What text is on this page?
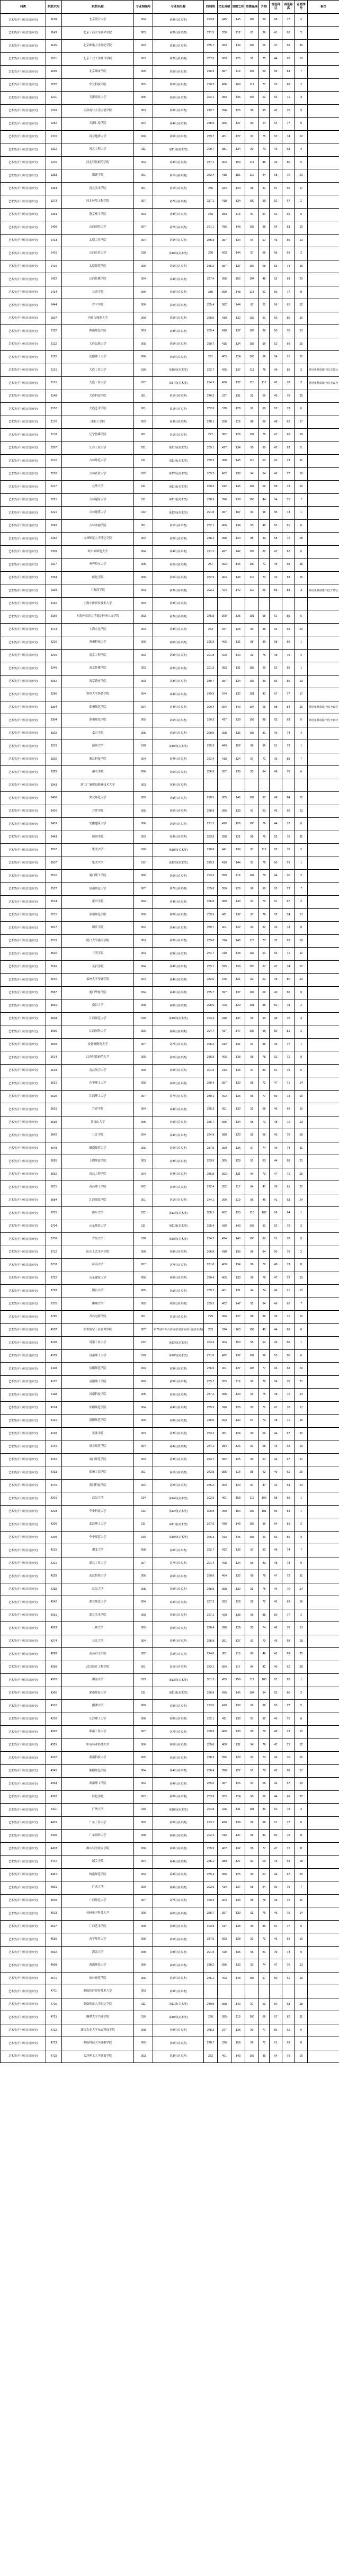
科类	院校代号	院校名称	专业组编号	专业组名称	投档线	文化成绩	语数之和	语数最高	外语	首选科目	再选最高	志愿序号	备注
艺术类(平行组首选历史)	1128	北京联合大学	004	第4组(美术类)	293.8	445	145	108	59	68	77	2	
艺术类(平行组首选历史)	1143	北京工商大学嘉华学院	003	第3组(美术类)	271.5	338	112	81	36	41	65	2	
艺术类(平行组首选历史)	1145	北京邮电大学世纪学院	003	第3组(美术类)	285.7	383	134	106	56	47	66	30	
艺术类(平行组首选历史)	1161	北京工业大学耿丹学院	003	第3组(美术类)	267.8	363	125	92	75	44	62	19	
艺术类(平行组首选历史)	1165	北京城市学院	005	第5组(美术类)	286.9	387	119	107	69	56	84	7	
艺术类(平行组首选历史)	1182	华北科技学院	005	第5组(美术类)	290.2	426	169	112	71	53	68	2	
艺术类(平行组首选历史)	1211	天津商业大学	005	第5组(美术类)	294.1	383	135	104	62	54	71	3	
艺术类(平行组首选历史)	1228	天津商业大学宝德学院	003	第3组(美术类)	279.7	398	126	98	95	43	70	9	
艺术类(平行组首选历史)	1252	天津仁爱学院	004	第4组(美术类)	278.9	365	127	90	24	64	77	5	
艺术类(平行组首选历史)	1310	河北地质大学	006	第6组(美术类)	289.7	401	127	91	75	53	74	12	
艺术类(平行组首选历史)	1312	河北工程大学	011	第11组(美术类)	290.7	381	134	90	79	49	63	4	
艺术类(平行组首选历史)	1316	河北科技师范学院	004	第4组(美术类)	287.1	404	150	111	48	49	80	5	
艺术类(平行组首选历史)	1353	邯郸学院	001	第1组(美术类)	283.4	415	151	110	44	68	70	20	
艺术类(平行组首选历史)	1364	河北美术学院	001	第1组(美术类)	286	342	120	95	31	51	66	17	
艺术类(平行组首选历史)	1373	河北环境工程学院	007	第7组(美术类)	287.1	418	134	100	99	52	67	2	
艺术类(平行组首选历史)	1394	燕京理工学院	003	第3组(美术类)	278	383	118	87	84	52	65	5	
艺术类(平行组首选历史)	1408	山西财经大学	007	第7组(美术类)	291.1	436	148	103	98	54	83	10	
艺术类(平行组首选历史)	1413	太原工业学院	004	第4组(美术类)	285.5	387	134	94	67	43	80	13	
艺术类(平行组首选历史)	1415	山西农业大学	010	第10组(美术类)	290	423	144	97	66	56	69	2	
艺术类(平行组首选历史)	1416	太原师范学院	006	第6组(美术类)	286.2	387	127	106	58	63	74	15	
艺术类(平行组首选历史)	1422	山西传媒学院	004	第4组(美术类)	287.4	398	152	104	48	53	93	20	
艺术类(平行组首选历史)	1434	长治学院	006	第6组(美术类)	285	390	148	114	51	50	77	8	
艺术类(平行组首选历史)	1444	晋中学院	006	第6组(美术类)	285.4	382	144	97	22	56	81	12	
艺术类(平行组首选历史)	1507	内蒙古师范大学	009	第9组(美术类)	288.6	430	132	102	91	60	80	16	
艺术类(平行组首选历史)	2112	鞍山师范学院	003	第3组(美术类)	285.4	410	137	108	89	50	70	13	
艺术类(平行组首选历史)	2122	大连民族大学	005	第5组(美术类)	289.7	415	134	103	99	52	69	15	
艺术类(平行组首选历史)	2125	沈阳理工大学	006	第6组(美术类)	291	403	124	100	86	54	71	15	
艺术类(平行组首选历史)	2131	大连工业大学	016	第16组(美术类)	292.7	425	137	111	76	49	85	3	外语单科成绩不低于60分
艺术类(平行组首选历史)	2131	大连工业大学	017	第17组(美术类)	294.9	430	137	110	112	45	70	3	外语单科成绩不低于60分
艺术类(平行组首选历史)	2148	大连科技学院	001	第1组(美术类)	276.2	377	131	93	55	45	76	25	
艺术类(平行组首选历史)	2152	大连艺术学院	001	第1组(美术类)	282.8	378	128	97	60	52	73	6	
艺术类(平行组首选历史)	2176	沈阳工学院	003	第3组(美术类)	276.1	358	118	88	69	48	62	17	
艺术类(平行组首选历史)	2178	辽宁传媒学院	001	第1组(美术类)	277	382	129	107	75	47	66	19	
艺术类(平行组首选历史)	2207	长春工业大学	021	第21组(美术类)	289.1	427	134	95	89	42	83	5	
艺术类(平行组首选历史)	2210	吉林师范大学	011	第11组(美术类)	289.3	388	145	116	63	42	73	11	
艺术类(平行组首选历史)	2216	吉林农业大学	012	第12组(美术类)	289.2	432	136	94	94	49	77	16	
艺术类(平行组首选历史)	2217	北华大学	011	第11组(美术类)	290.2	412	145	107	66	58	73	10	
艺术类(平行组首选历史)	2221	吉林建筑大学	011	第11组(美术类)	288.9	396	138	100	44	54	71	7	
艺术类(平行组首选历史)	2221	吉林建筑大学	012	第12组(美术类)	291.8	387	107	93	98	55	74	1	
艺术类(平行组首选历史)	2249	吉林动画学院	001	第1组(美术类)	282.1	406	134	93	49	65	81	6	
艺术类(平行组首选历史)	2252	吉林师范大学博达学院	002	第2组(美术类)	278.2	358	120	85	39	58	72	28	
艺术类(平行组首选历史)	2309	哈尔滨师范大学	004	第4组(美术类)	291.2	427	142	103	82	47	82	6	
艺术类(平行组首选历史)	2317	齐齐哈尔大学	005	第5组(美术类)	287	392	145	100	71	45	68	15	
艺术类(平行组首选历史)	2354	绥化学院	006	第6组(美术类)	282.9	404	148	116	73	32	83	15	
艺术类(平行组首选历史)	3119	上海商学院	003	第3组(美术类)	293.1	424	142	110	56	55	88	3	外语单科成绩不低于50分
艺术类(平行组首选历史)	3162	上海中侨职业技术大学	003	第3组(美术类)									
艺术类(平行组首选历史)	3169	上海外国语大学贤达经济人文学院	003	第3组(美术类)	275.9	390	125	101	58	61	85	5	
艺术类(平行组首选历史)	3173	上海立达学院	003	第3组(美术类)	263	347	128	99	36	53	69	20	
艺术类(平行组首选历史)	3220	苏州科技大学	006	第6组(美术类)	295.8	405	131	88	46	58	86	1	
艺术类(平行组首选历史)	3240	南京工程学院	003	第3组(美术类)	291.8	429	140	93	75	48	75	4	
艺术类(平行组首选历史)	3246	南京传媒学院	003	第3组(美术类)	291.3	383	131	103	29	52	89	1	
艺术类(平行组首选历史)	3262	南京晓庄学院	003	第3组(美术类)	289.7	387	134	102	39	53	86	13	
艺术类(平行组首选历史)	3290	常州大学怀德学院	004	第4组(美术类)	279.5	374	132	101	43	57	77	17	
艺术类(平行组首选历史)	3304	湖州师范学院	004	第4组(美术类)	290.4	394	140	104	55	58	84	16	外语单科成绩不低于50分
艺术类(平行组首选历史)	3304	湖州师范学院	005	第5组(美术类)	290.3	417	139	109	88	53	83	5	外语单科成绩不低于60分
艺术类(平行组首选历史)	3315	嘉兴学院	005	第5组(美术类)	290.9	398	135	106	82	46	74	4	
艺术类(平行组首选历史)	3319	温州大学	010	第10组(美术类)	295.3	443	152	98	96	51	73	1	
艺术类(平行组首选历史)	3320	浙江科技学院	004	第4组(美术类)	292.4	410	124	97	71	43	88	7	
艺术类(平行组首选历史)	3329	丽水学院	006	第6组(美术类)	286.9	387	135	93	64	49	70	6	
艺术类(平行组首选历史)	3343	浙江广厦建设职业技术大学	003	第3组(美术类)									
艺术类(平行组首选历史)	3408	淮北师范大学	009	第9组(美术类)	290.5	385	146	102	67	49	64	12	
艺术类(平行组首选历史)	3410	合肥学院	005	第5组(美术类)	288.9	396	133	97	63	45	90	13	
艺术类(平行组首选历史)	3419	安徽建筑大学	006	第6组(美术类)	291.3	418	156	100	76	44	72	6	
艺术类(平行组首选历史)	3443	宿州学院	003	第3组(美术类)	283.9	398	121	95	75	53	76	11	
艺术类(平行组首选历史)	3507	集美大学	010	第10组(美术类)	298.9	441	139	97	112	53	76	2	
艺术类(平行组首选历史)	3507	集美大学	012	第12组(美术类)	299.3	419	144	91	75	60	79	1	
艺术类(平行组首选历史)	3510	厦门理工学院	006	第6组(美术类)	293.3	399	118	104	79	44	70	2	
艺术类(平行组首选历史)	3512	闽南师范大学	007	第7组(美术类)	289.8	399	126	96	89	53	73	7	
艺术类(平行组首选历史)	3514	莆田学院	004	第4组(美术类)	286.8	389	143	91	70	51	67	2	
艺术类(平行组首选历史)	3515	泉州师范学院	008	第8组(美术类)	289.9	411	137	97	76	52	74	13	
艺术类(平行组首选历史)	3517	闽江学院	004	第4组(美术类)	289.7	401	122	94	82	33	74	8	
艺术类(平行组首选历史)	3519	厦门大学嘉庚学院	003	第3组(美术类)	285.8	374	146	118	73	32	63	19	
艺术类(平行组首选历史)	3520	三明学院	003	第3组(美术类)	284.7	410	148	102	61	66	71	12	
艺术类(平行组首选历史)	3526	龙岩学院	004	第4组(美术类)	285.1	395	133	105	67	47	74	12	
艺术类(平行组首选历史)	3540	福州大学至诚学院	004	第4组(美术类)	282.6	375	121	82	62	48	80	23	
艺术类(平行组首选历史)	3587	厦门华厦学院	004	第4组(美术类)	285.7	397	137	102	69	40	80	9	
艺术类(平行组首选历史)	3601	南昌大学	008	第8组(美术类)	295.6	429	139	101	88	52	78	2	
艺术类(平行组首选历史)	3604	江西师范大学	010	第10组(美术类)	293.4	418	137	99	90	48	75	4	
艺术类(平行组首选历史)	3606	江西财经大学	006	第6组(美术类)	294.7	437	147	105	95	50	81	3	
艺术类(平行组首选历史)	3609	景德镇陶瓷大学	007	第7组(美术类)	296.2	412	131	94	86	49	77	1	
艺术类(平行组首选历史)	3614	江西科技师范大学	005	第5组(美术类)	288.8	405	138	98	78	52	72	9	
艺术类(平行组首选历史)	3618	南昌航空大学	009	第9组(美术类)	291.5	414	136	97	83	51	79	6	
艺术类(平行组首选历史)	3621	东华理工大学	006	第6组(美术类)	288.4	397	132	95	72	47	71	14	
艺术类(平行组首选历史)	3625	江西理工大学	007	第7组(美术类)	289.1	402	135	96	77	50	73	10	
艺术类(平行组首选历史)	3631	宜春学院	004	第4组(美术类)	285.3	391	130	93	68	46	69	16	
艺术类(平行组首选历史)	3635	井冈山大学	005	第5组(美术类)	286.7	396	134	95	71	48	72	13	
艺术类(平行组首选历史)	3642	九江学院	004	第4组(美术类)	284.9	388	129	92	66	45	70	18	
艺术类(平行组首选历史)	3648	赣南师范大学	006	第6组(美术类)	287.5	399	136	97	74	49	74	11	
艺术类(平行组首选历史)	3655	上饶师范学院	003	第3组(美术类)	283.6	385	128	91	63	44	68	21	
艺术类(平行组首选历史)	3662	南昌工程学院	004	第4组(美术类)	285.8	392	131	94	70	47	71	15	
艺术类(平行组首选历史)	3671	南昌理工学院	002	第2组(美术类)	272.4	352	117	84	41	39	61	27	
艺术类(平行组首选历史)	3684	江西服装学院	001	第1组(美术类)	274.1	360	119	86	45	41	63	24	
艺术类(平行组首选历史)	3701	山东大学	012	第12组(美术类)	300.1	452	155	110	102	56	84	1	
艺术类(平行组首选历史)	3704	山东师范大学	011	第11组(美术类)	295.4	430	143	102	91	52	79	3	
艺术类(平行组首选历史)	3709	青岛大学	010	第10组(美术类)	294.2	424	140	100	87	51	78	5	
艺术类(平行组首选历史)	3712	山东工艺美术学院	008	第8组(美术类)	296.8	418	136	98	84	50	76	2	
艺术类(平行组首选历史)	3718	济南大学	007	第7组(美术类)	291.6	409	134	96	79	48	73	8	
艺术类(平行组首选历史)	3722	山东建筑大学	006	第6组(美术类)	290.4	405	133	95	76	47	72	10	
艺术类(平行组首选历史)	3728	烟台大学	005	第5组(美术类)	289.7	401	131	94	74	46	71	12	
艺术类(平行组首选历史)	3735	聊城大学	005	第5组(美术类)	289.3	402	147	92	84	49	65	7	
艺术类(平行组首选历史)	3795	青岛电影学院	001	第1组(美术类)	279	384	127	88	86	36	71	12	
艺术类(平行组首选历史)	4107	郑州航空工业管理学院	007	第7组(中外合作办学或国际项目)(美术类)	283	374	163	108	40	44	68	6	
艺术类(平行组首选历史)	4108	河南工业大学	012	第12组(美术类)	293.4	404	150	95	64	49	80	1	
艺术类(平行组首选历史)	4109	河南理工大学	010	第10组(美术类)	291.8	422	132	102	98	53	80	6	
艺术类(平行组首选历史)	4110	信阳师范学院	003	第3组(美术类)	286.9	401	127	105	77	46	68	20	
艺术类(平行组首选历史)	4112	南阳理工学院	009	第9组(美术类)	285.7	383	116	92	78	54	70	21	
艺术类(平行组首选历史)	4118	河南科技学院	005	第5组(美术类)	287.2	395	129	94	75	48	72	14	
艺术类(平行组首选历史)	4124	安阳师范学院	004	第4组(美术类)	285.9	390	128	93	72	47	70	17	
艺术类(平行组首选历史)	4131	洛阳师范学院	006	第6组(美术类)	286.5	393	130	94	73	48	71	15	
艺术类(平行组首选历史)	4138	黄淮学院	003	第3组(美术类)	283.2	381	124	90	66	44	67	22	
艺术类(平行组首选历史)	4145	商丘师范学院	004	第4组(美术类)	284.1	384	126	91	68	45	68	19	
艺术类(平行组首选历史)	4152	周口师范学院	003	第3组(美术类)	283.7	382	125	90	67	44	67	21	
艺术类(平行组首选历史)	4163	郑州工商学院	001	第1组(美术类)	273.5	355	118	85	43	40	62	26	
艺术类(平行组首选历史)	4175	黄河科技学院	002	第2组(美术类)	275.2	363	120	87	47	42	64	23	
艺术类(平行组首选历史)	4201	武汉大学	014	第14组(美术类)	302.5	461	158	112	106	58	86	1	
艺术类(平行组首选历史)	4203	华中科技大学	012	第12组(美术类)	300.8	450	154	109	101	56	84	1	
艺术类(平行组首选历史)	4206	武汉理工大学	011	第11组(美术类)	297.6	438	148	105	96	54	81	2	
艺术类(平行组首选历史)	4209	华中师范大学	010	第10组(美术类)	296.3	433	145	103	93	53	80	3	
艺术类(平行组首选历史)	4215	湖北大学	008	第8组(美术类)	292.7	412	136	97	82	49	74	7	
艺术类(平行组首选历史)	4221	湖北工业大学	007	第7组(美术类)	291.4	408	134	96	80	48	73	9	
艺术类(平行组首选历史)	4228	武汉纺织大学	006	第6组(美术类)	290.6	404	132	95	78	47	72	11	
艺术类(平行组首选历史)	4235	江汉大学	005	第5组(美术类)	288.9	398	130	93	75	46	70	14	
艺术类(平行组首选历史)	4242	湖北师范大学	004	第4组(美术类)	287.3	393	128	92	72	45	69	16	
艺术类(平行组首选历史)	4251	湖北美术学院	009	第9组(美术类)	297.1	420	138	99	85	50	77	2	
艺术类(平行组首选历史)	4263	三峡大学	005	第5组(美术类)	288.4	396	129	93	74	46	70	13	
艺术类(平行组首选历史)	4274	长江大学	004	第4组(美术类)	286.8	391	127	91	70	45	68	18	
艺术类(平行组首选历史)	4289	武昌首义学院	002	第2组(美术类)	274.8	361	119	86	46	41	63	25	
艺术类(平行组首选历史)	4298	武汉设计工程学院	001	第1组(美术类)	273.1	354	117	84	42	40	62	28	
艺术类(平行组首选历史)	4301	湖南大学	013	第13组(美术类)	301.2	455	156	111	103	57	85	1	
艺术类(平行组首选历史)	4305	湖南师范大学	011	第11组(美术类)	296.9	435	146	104	94	53	80	2	
艺术类(平行组首选历史)	4310	湘潭大学	009	第9组(美术类)	293.5	419	139	99	86	50	77	5	
艺术类(平行组首选历史)	4316	长沙理工大学	008	第8组(美术类)	292.1	411	136	97	82	49	75	8	
艺术类(平行组首选历史)	4322	湖南工业大学	007	第7组(美术类)	290.8	406	133	95	79	48	73	10	
艺术类(平行组首选历史)	4329	中南林业科技大学	006	第6组(美术类)	289.6	400	131	94	76	47	71	12	
艺术类(平行组首选历史)	4337	湖南科技大学	005	第5组(美术类)	288.3	395	129	93	73	46	70	15	
艺术类(平行组首选历史)	4345	衡阳师范学院	004	第4组(美术类)	286.4	390	127	91	70	45	68	17	
艺术类(平行组首选历史)	4354	湖南理工学院	004	第4组(美术类)	285.6	387	126	91	68	44	67	19	
艺术类(平行组首选历史)	4362	怀化学院	003	第3组(美术类)	283.8	383	124	90	65	44	66	22	
艺术类(平行组首选历史)	4411	广州大学	010	第10组(美术类)	294.8	426	141	101	89	52	78	4	
艺术类(平行组首选历史)	4418	广东工业大学	009	第9组(美术类)	293.7	420	139	99	86	51	77	6	
艺术类(平行组首选历史)	4425	广东财经大学	008	第8组(美术类)	292.4	413	137	98	83	50	75	8	
艺术类(平行组首选历史)	4433	佛山科学技术学院	006	第6组(美术类)	289.9	402	132	95	77	47	72	11	
艺术类(平行组首选历史)	4442	韶关学院	004	第4组(美术类)	286.1	389	127	91	69	45	68	18	
艺术类(平行组首选历史)	4451	岭南师范学院	004	第4组(美术类)	285.4	386	125	90	67	44	67	20	
艺术类(平行组首选历史)	4501	广西大学	009	第9组(美术类)	292.6	414	137	98	84	50	76	7	
艺术类(平行组首选历史)	4509	广西师范大学	007	第7组(美术类)	290.3	403	133	95	78	48	72	11	
艺术类(平行组首选历史)	4518	桂林电子科技大学	006	第6组(美术类)	288.7	397	130	93	75	46	70	14	
艺术类(平行组首选历史)	4527	广西艺术学院	008	第8组(美术类)	293.9	417	138	99	85	51	77	5	
艺术类(平行组首选历史)	4536	南宁师范大学	005	第5组(美术类)	287.6	393	128	92	72	46	69	16	
艺术类(平行组首选历史)	4602	海南大学	008	第8组(美术类)	291.9	410	135	96	81	49	74	9	
艺术类(平行组首选历史)	4608	海南师范大学	006	第6组(美术类)	288.2	396	130	93	74	47	70	13	
艺术类(平行组首选历史)	4671	琼台师范学院	006	第6组(美术类)	286.1	403	148	106	67	50	61	19	
艺术类(平行组首选历史)	4711	湖南软件职业技术大学	003	第3组(美术类)									
艺术类(平行组首选历史)	4720	湖南师范大学树达学院	011	第11组(美术类)	280.5	368	140	97	53	50	63	18	
艺术类(平行组首选历史)	4721	湘潭大学兴湘学院	010	第10组(美术类)	280	385	119	100	66	57	82	11	
艺术类(平行组首选历史)	4722	湖南农业大学东方科技学院	008	第8组(美术类)	278.3	377	128	90	77	56	62	6	
艺术类(平行组首选历史)	4723	湖南科技大学潇湘学院	005	第5组(美术类)	278.7	376	156	99	72	51	59	8	
艺术类(平行组首选历史)	4725	长沙理工大学城南学院	003	第3组(美术类)	282	401	143	102	45	64	79	16	
